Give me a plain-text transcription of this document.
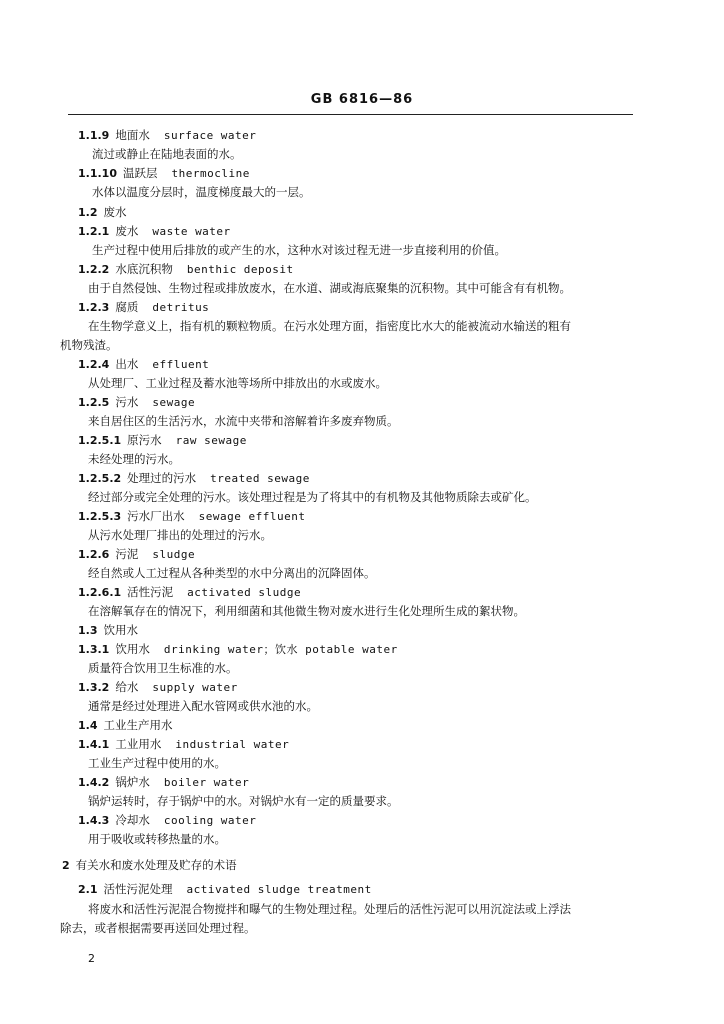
GB 6816—86
1.1.9 地面水 surface water
流过或静止在陆地表面的水。
1.1.10 温跃层 thermocline
水体以温度分层时，温度梯度最大的一层。
1.2 废水
1.2.1 废水 waste water
生产过程中使用后排放的或产生的水，这种水对该过程无进一步直接利用的价值。
1.2.2 水底沉积物 benthic deposit
由于自然侵蚀、生物过程或排放废水，在水道、湖或海底聚集的沉积物。其中可能含有有机物。
1.2.3 腐质 detritus
在生物学意义上，指有机的颗粒物质。在污水处理方面，指密度比水大的能被流动水输送的粗有
机物残渣。
1.2.4 出水 effluent
从处理厂、工业过程及蓄水池等场所中排放出的水或废水。
1.2.5 污水 sewage
来自居住区的生活污水，水流中夹带和溶解着许多废弃物质。
1.2.5.1 原污水 raw sewage
未经处理的污水。
1.2.5.2 处理过的污水 treated sewage
经过部分或完全处理的污水。该处理过程是为了将其中的有机物及其他物质除去或矿化。
1.2.5.3 污水厂出水 sewage effluent
从污水处理厂排出的处理过的污水。
1.2.6 污泥 sludge
经自然或人工过程从各种类型的水中分离出的沉降固体。
1.2.6.1 活性污泥 activated sludge
在溶解氧存在的情况下，利用细菌和其他微生物对废水进行生化处理所生成的絮状物。
1.3 饮用水
1.3.1 饮用水 drinking water；饮水 potable water
质量符合饮用卫生标准的水。
1.3.2 给水 supply water
通常是经过处理进入配水管网或供水池的水。
1.4 工业生产用水
1.4.1 工业用水 industrial water
工业生产过程中使用的水。
1.4.2 锅炉水 boiler water
锅炉运转时，存于锅炉中的水。对锅炉水有一定的质量要求。
1.4.3 冷却水 cooling water
用于吸收或转移热量的水。
2 有关水和废水处理及贮存的术语
2.1 活性污泥处理 activated sludge treatment
将废水和活性污泥混合物搅拌和曝气的生物处理过程。处理后的活性污泥可以用沉淀法或上浮法
除去，或者根据需要再送回处理过程。
2
